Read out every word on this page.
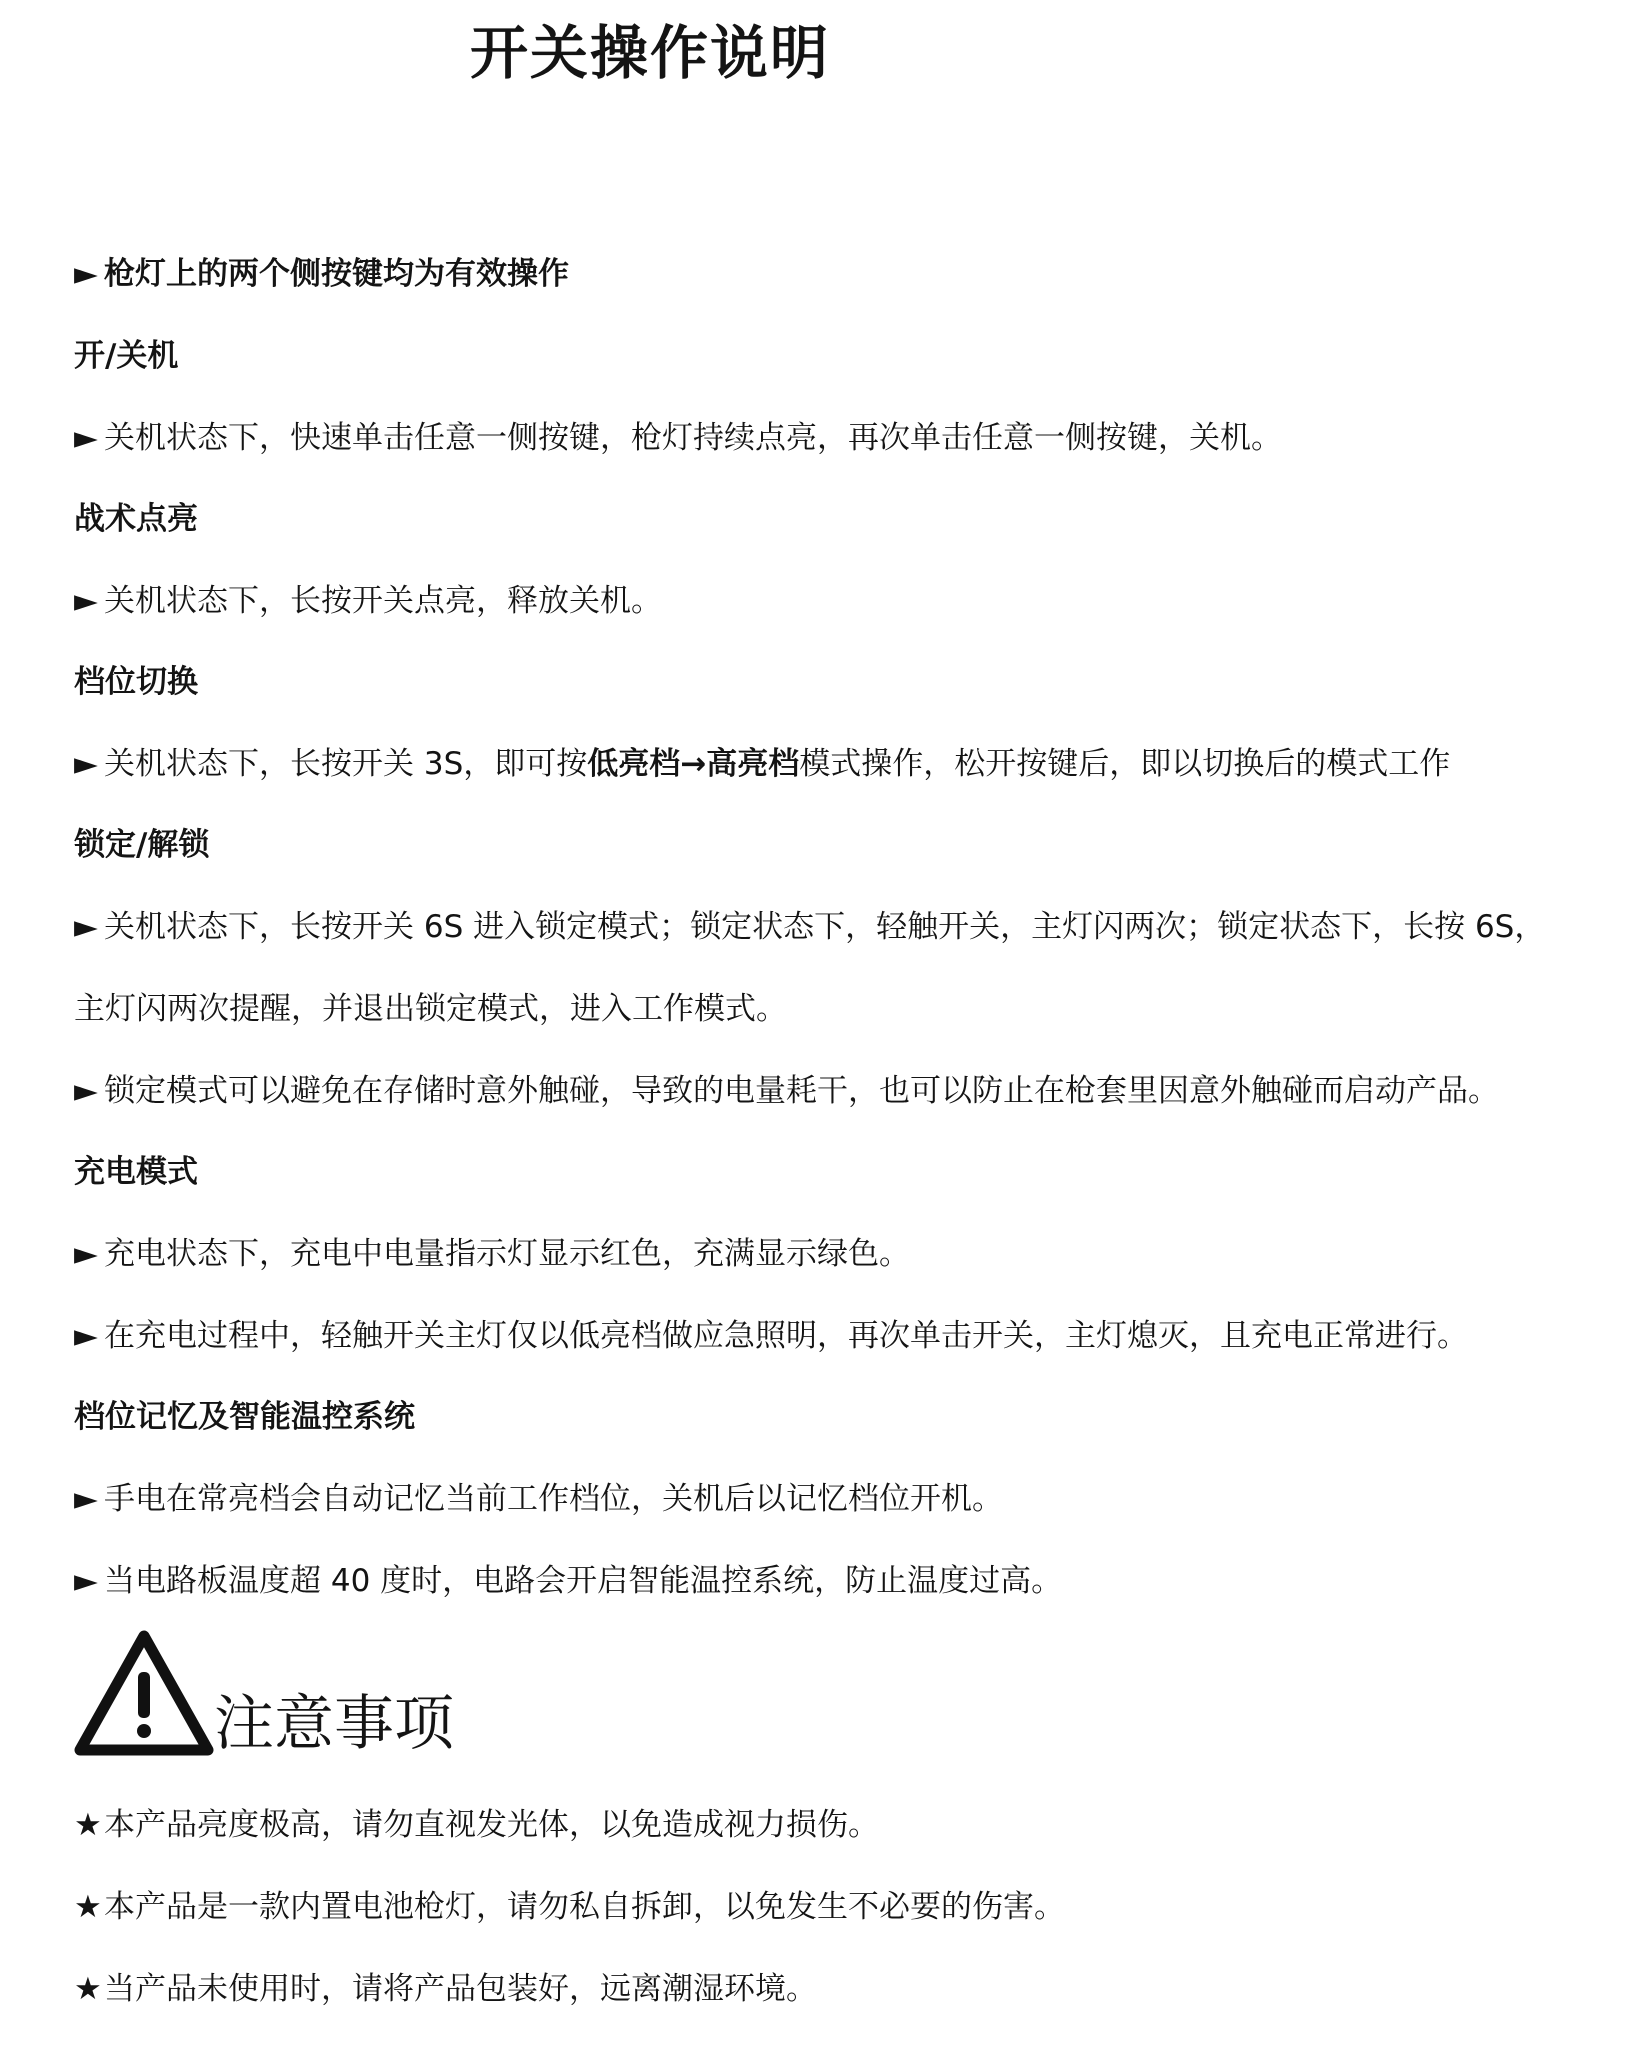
开关操作说明
► 枪灯上的两个侧按键均为有效操作
开/关机
► 关机状态下，快速单击任意一侧按键，枪灯持续点亮，再次单击任意一侧按键，关机。
战术点亮
► 关机状态下，长按开关点亮，释放关机。
档位切换
► 关机状态下，长按开关 3S，即可按低亮档→高亮档模式操作，松开按键后，即以切换后的模式工作
锁定/解锁
► 关机状态下，长按开关 6S 进入锁定模式；锁定状态下，轻触开关，主灯闪两次；锁定状态下，长按 6S，
主灯闪两次提醒，并退出锁定模式，进入工作模式。
► 锁定模式可以避免在存储时意外触碰，导致的电量耗干，也可以防止在枪套里因意外触碰而启动产品。
充电模式
► 充电状态下，充电中电量指示灯显示红色，充满显示绿色。
► 在充电过程中，轻触开关主灯仅以低亮档做应急照明，再次单击开关，主灯熄灭，且充电正常进行。
档位记忆及智能温控系统
► 手电在常亮档会自动记忆当前工作档位，关机后以记忆档位开机。
► 当电路板温度超 40 度时，电路会开启智能温控系统，防止温度过高。
注意事项
★本产品亮度极高，请勿直视发光体，以免造成视力损伤。
★本产品是一款内置电池枪灯，请勿私自拆卸，以免发生不必要的伤害。
★当产品未使用时，请将产品包装好，远离潮湿环境。
